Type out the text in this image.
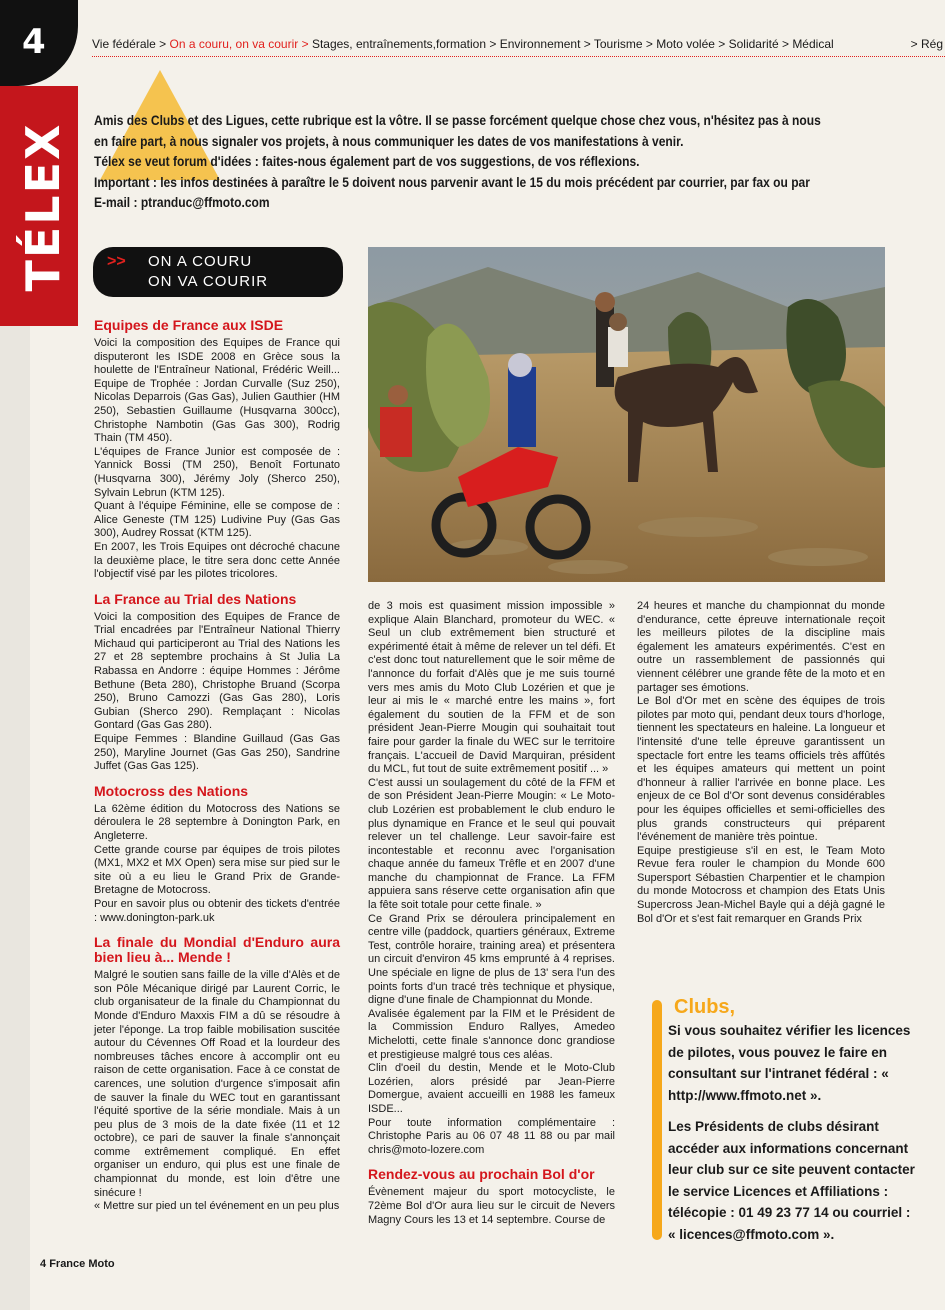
4
TÉLEX
Vie fédérale > On a couru, on va courir > Stages, entraînements,formation > Environnement > Tourisme > Moto volée > Solidarité > Médical	> Rég

Amis des Clubs et des Ligues, cette rubrique est la vôtre. Il se passe forcément quelque chose chez vous, n'hésitez pas à nous en faire part, à nous signaler vos projets, à nous communiquer les dates de vos manifestations à venir.

Télex se veut forum d'idées : faites-nous également part de vos suggestions, de vos réflexions.

Important : les infos destinées à paraître le 5 doivent nous parvenir avant le 15 du mois précédent par courrier, par fax ou par E-mail : ptranduc@ffmoto.com

>> ON A COURU
ON VA COURIR
Equipes de France aux ISDE

Voici la composition des Equipes de France qui disputeront les ISDE 2008 en Grèce sous la houlette de l'Entraîneur National, Frédéric Weill... Equipe de Trophée : Jordan Curvalle (Suz 250), Nicolas Deparrois (Gas Gas), Julien Gauthier (HM 250), Sebastien Guillaume (Husqvarna 300cc), Christophe Nambotin (Gas Gas 300), Rodrig Thain (TM 450).

L'équipes de France Junior est composée de : Yannick Bossi (TM 250), Benoît Fortunato (Husqvarna 300), Jérémy Joly (Sherco 250), Sylvain Lebrun (KTM 125).

Quant à l'équipe Féminine, elle se compose de : Alice Geneste (TM 125) Ludivine Puy (Gas Gas 300), Audrey Rossat (KTM 125).

En 2007, les Trois Equipes ont décroché chacune la deuxième place, le titre sera donc cette Année l'objectif visé par les pilotes tricolores.

La France au Trial des Nations

Voici la composition des Equipes de France de Trial encadrées par l'Entraîneur National Thierry Michaud qui participeront au Trial des Nations les 27 et 28 septembre prochains à St Julia La Rabassa en Andorre : équipe Hommes : Jérôme Bethune (Beta 280), Christophe Bruand (Scorpa 250), Bruno Camozzi (Gas Gas 280), Loris Gubian (Sherco 290). Remplaçant : Nicolas Gontard (Gas Gas 280).

Equipe Femmes : Blandine Guillaud (Gas Gas 250), Maryline Journet (Gas Gas 250), Sandrine Juffet (Gas Gas 125).

Motocross des Nations

La 62ème édition du Motocross des Nations se déroulera le 28 septembre à Donington Park, en Angleterre.

Cette grande course par équipes de trois pilotes (MX1, MX2 et MX Open) sera mise sur pied sur le site où a eu lieu le Grand Prix de Grande-Bretagne de Motocross.

Pour en savoir plus ou obtenir des tickets d'entrée : www.donington-park.uk

La finale du Mondial d'Enduro aura bien lieu à... Mende !

Malgré le soutien sans faille de la ville d'Alès et de son Pôle Mécanique dirigé par Laurent Corric, le club organisateur de la finale du Championnat du Monde d'Enduro Maxxis FIM a dû se résoudre à jeter l'éponge. La trop faible mobilisation suscitée autour du Cévennes Off Road et la lourdeur des nombreuses tâches encore à accomplir ont eu raison de cette organisation. Face à ce constat de carences, une solution d'urgence s'imposait afin de sauver la finale du WEC tout en garantissant l'équité sportive de la série mondiale. Mais à un peu plus de 3 mois de la date fixée (11 et 12 octobre), ce pari de sauver la finale s'annonçait comme extrêmement compliqué. En effet organiser un enduro, qui plus est une finale de championnat du monde, est loin d'être une sinécure !

« Mettre sur pied un tel événement en un peu plus

de 3 mois est quasiment mission impossible » explique Alain Blanchard, promoteur du WEC. « Seul un club extrêmement bien structuré et expérimenté était à même de relever un tel défi. Et c'est donc tout naturellement que le soir même de l'annonce du forfait d'Alès que je me suis tourné vers mes amis du Moto Club Lozérien et que je leur ai mis le « marché entre les mains », fort également du soutien de la FFM et de son président Jean-Pierre Mougin qui souhaitait tout faire pour garder la finale du WEC sur le territoire français. L'accueil de David Marquiran, président du MCL, fut tout de suite extrêmement positif ... »

C'est aussi un soulagement du côté de la FFM et de son Président Jean-Pierre Mougin: « Le Moto-club Lozérien est probablement le club enduro le plus dynamique en France et le seul qui pouvait relever un tel challenge. Leur savoir-faire est incontestable et reconnu avec l'organisation chaque année du fameux Trêfle et en 2007 d'une manche du championnat de France. La FFM appuiera sans réserve cette organisation afin que la fête soit totale pour cette finale. »

Ce Grand Prix se déroulera principalement en centre ville (paddock, quartiers généraux, Extreme Test, contrôle horaire, training area) et présentera un circuit d'environ 45 kms emprunté à 4 reprises. Une spéciale en ligne de plus de 13' sera l'un des points forts d'un tracé très technique et physique, digne d'une finale de Championnat du Monde.

Avalisée également par la FIM et le Président de la Commission Enduro Rallyes, Amedeo Michelotti, cette finale s'annonce donc grandiose et prestigieuse malgré tous ces aléas.

Clin d'oeil du destin, Mende et le Moto-Club Lozérien, alors présidé par Jean-Pierre Domergue, avaient accueilli en 1988 les fameux ISDE...

Pour toute information complémentaire : Christophe Paris au 06 07 48 11 88 ou par mail chris@moto-lozere.com

Rendez-vous au prochain Bol d'or

Évènement majeur du sport motocycliste, le 72ème Bol d'Or aura lieu sur le circuit de Nevers Magny Cours les 13 et 14 septembre. Course de

24 heures et manche du championnat du monde d'endurance, cette épreuve internationale reçoit les meilleurs pilotes de la discipline mais également les amateurs expérimentés. C'est en outre un rassemblement de passionnés qui viennent célébrer une grande fête de la moto et en partager ses émotions.

Le Bol d'Or met en scène des équipes de trois pilotes par moto qui, pendant deux tours d'horloge, tiennent les spectateurs en haleine. La longueur et l'intensité d'une telle épreuve garantissent un spectacle fort entre les teams officiels très affûtés et les équipes amateurs qui mettent un point d'honneur à rallier l'arrivée en bonne place. Les enjeux de ce Bol d'Or sont devenus considérables pour les équipes officielles et semi-officielles des plus grands constructeurs qui préparent l'événement de manière très pointue.

Equipe prestigieuse s'il en est, le Team Moto Revue fera rouler le champion du Monde 600 Supersport Sébastien Charpentier et le champion du monde Motocross et champion des Etats Unis Supercross Jean-Michel Bayle qui a déjà gagné le Bol d'Or et s'est fait remarquer en Grands Prix

Clubs,

Si vous souhaitez vérifier les licences de pilotes, vous pouvez le faire en consultant sur l'intranet fédéral : « http://www.ffmoto.net ».

Les Présidents de clubs désirant accéder aux informations concernant leur club sur ce site peuvent contacter le service Licences et Affiliations : télécopie : 01 49 23 77 14 ou courriel : « licences@ffmoto.com ».

4 France Moto
